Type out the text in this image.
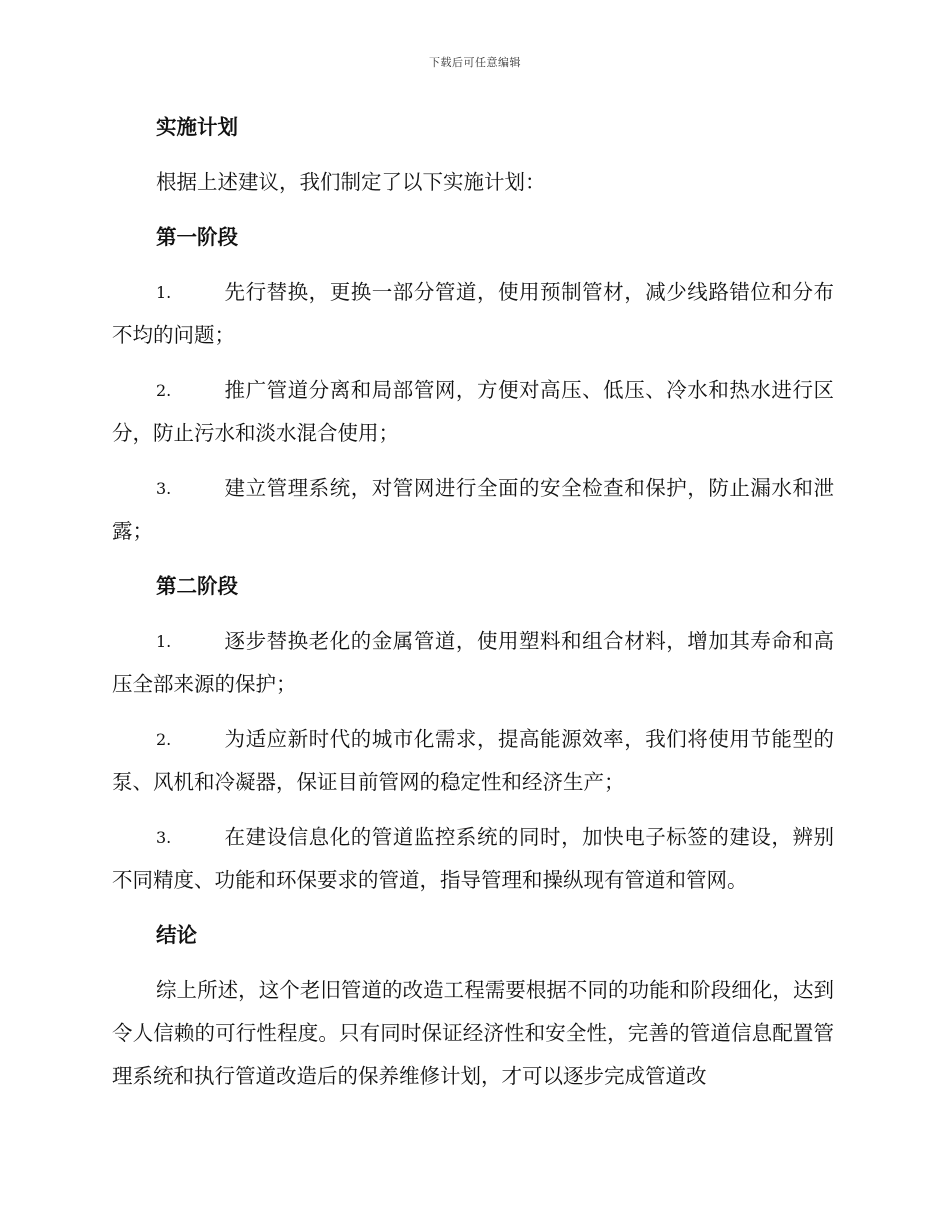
下载后可任意编辑
实施计划
根据上述建议，我们制定了以下实施计划：
第一阶段
1.	先行替换，更换一部分管道，使用预制管材，减少线路错位和分布不均的问题；
2.	推广管道分离和局部管网，方便对高压、低压、冷水和热水进行区分，防止污水和淡水混合使用；
3.	建立管理系统，对管网进行全面的安全检查和保护，防止漏水和泄露；
第二阶段
1.	逐步替换老化的金属管道，使用塑料和组合材料，增加其寿命和高压全部来源的保护；
2.	为适应新时代的城市化需求，提高能源效率，我们将使用节能型的泵、风机和冷凝器，保证目前管网的稳定性和经济生产；
3.	在建设信息化的管道监控系统的同时，加快电子标签的建设，辨别不同精度、功能和环保要求的管道，指导管理和操纵现有管道和管网。
结论
综上所述，这个老旧管道的改造工程需要根据不同的功能和阶段细化，达到令人信赖的可行性程度。只有同时保证经济性和安全性，完善的管道信息配置管理系统和执行管道改造后的保养维修计划，才可以逐步完成管道改
